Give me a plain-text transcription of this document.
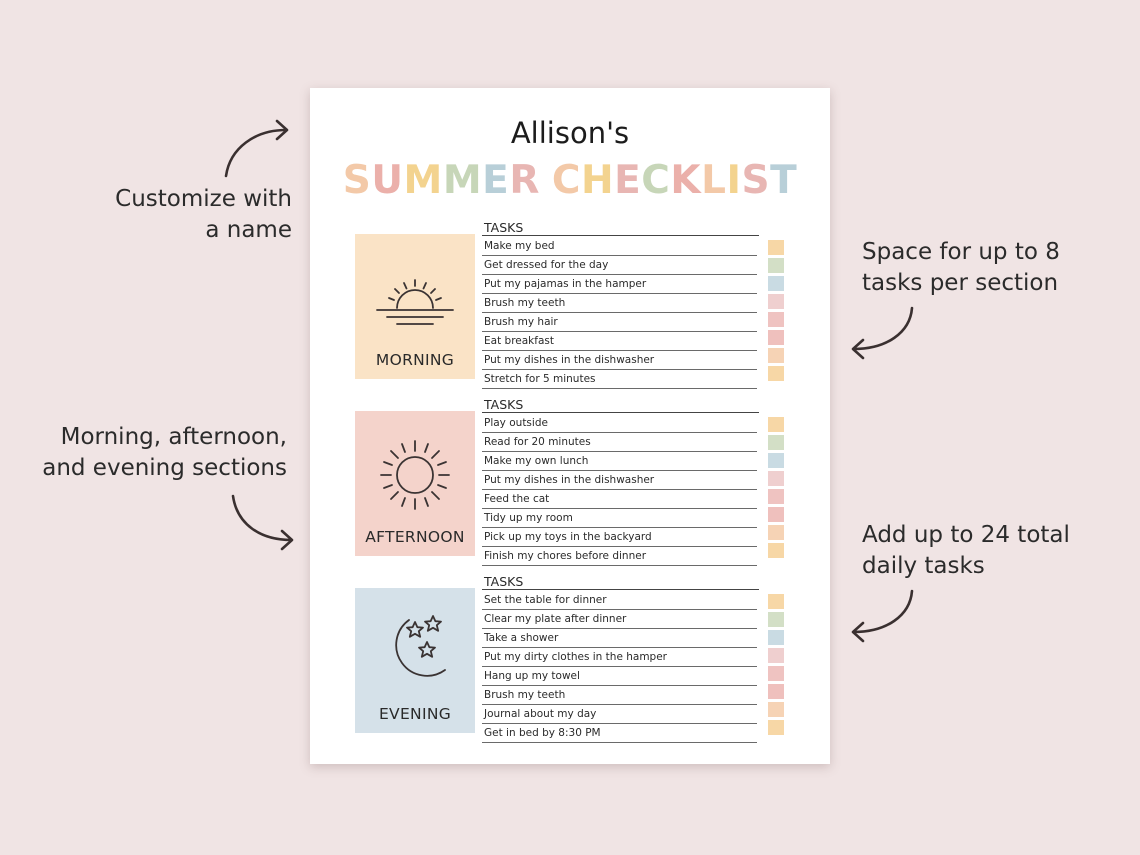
Customize with
a name
Morning, afternoon,
and evening sections
Space for up to 8
tasks per section
Add up to 24 total
daily tasks
Allison's
SUMMER CHECKLIST
MORNING
TASKS
Make my bed
Get dressed for the day
Put my pajamas in the hamper
Brush my teeth
Brush my hair
Eat breakfast
Put my dishes in the dishwasher
Stretch for 5 minutes
AFTERNOON
TASKS
Play outside
Read for 20 minutes
Make my own lunch
Put my dishes in the dishwasher
Feed the cat
Tidy up my room
Pick up my toys in the backyard
Finish my chores before dinner
EVENING
TASKS
Set the table for dinner
Clear my plate after dinner
Take a shower
Put my dirty clothes in the hamper
Hang up my towel
Brush my teeth
Journal about my day
Get in bed by 8:30 PM
